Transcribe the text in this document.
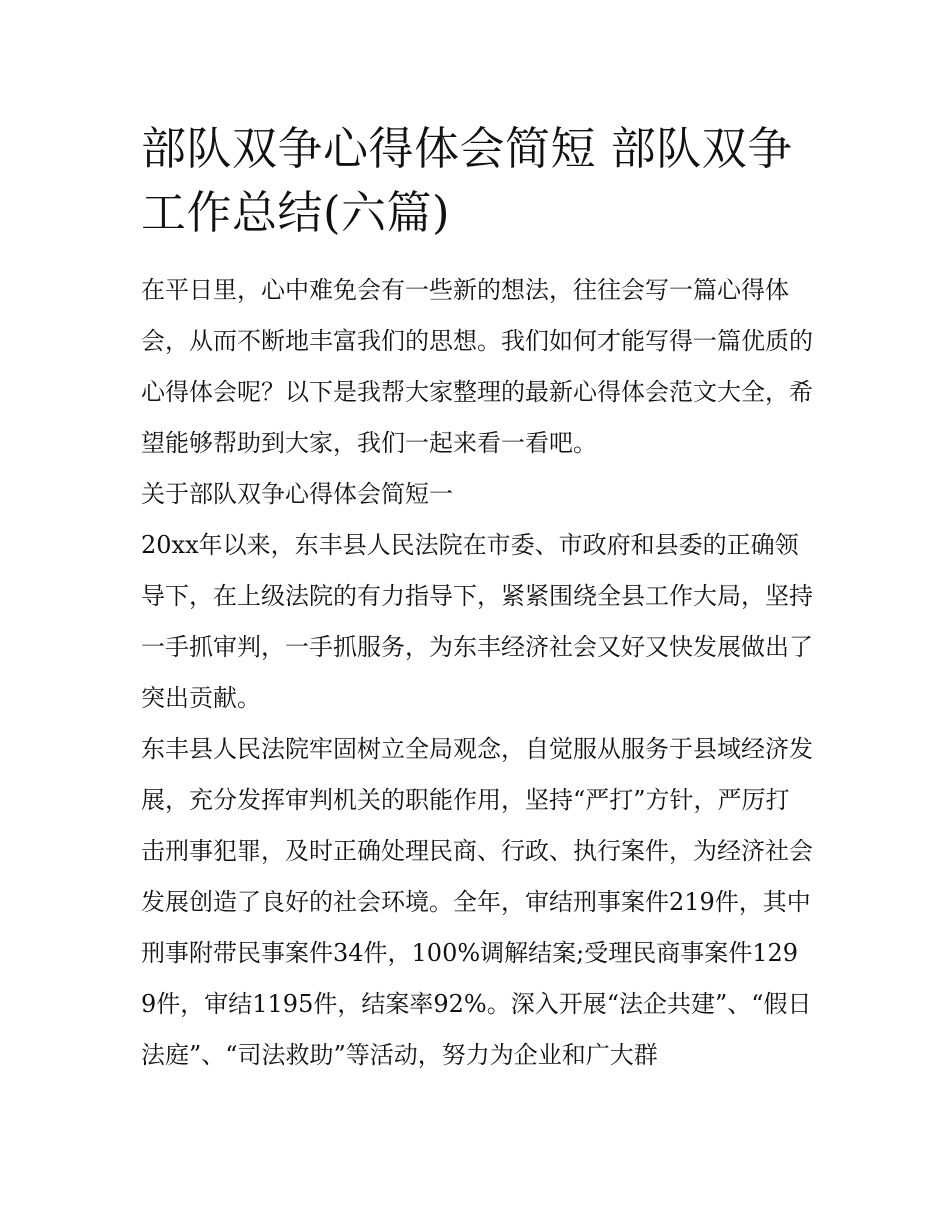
部队双争心得体会简短 部队双争工作总结(六篇)

在平日里，心中难免会有一些新的想法，往往会写一篇心得体会，从而不断地丰富我们的思想。我们如何才能写得一篇优质的心得体会呢？以下是我帮大家整理的最新心得体会范文大全，希望能够帮助到大家，我们一起来看一看吧。

关于部队双争心得体会简短一

20xx年以来，东丰县人民法院在市委、市政府和县委的正确领导下，在上级法院的有力指导下，紧紧围绕全县工作大局，坚持一手抓审判，一手抓服务，为东丰经济社会又好又快发展做出了突出贡献。

东丰县人民法院牢固树立全局观念，自觉服从服务于县域经济发展，充分发挥审判机关的职能作用，坚持“严打”方针，严厉打击刑事犯罪，及时正确处理民商、行政、执行案件，为经济社会发展创造了良好的社会环境。全年，审结刑事案件219件，其中刑事附带民事案件34件，100%调解结案;受理民商事案件1299件，审结1195件，结案率92%。深入开展“法企共建”、“假日法庭”、“司法救助”等活动，努力为企业和广大群
